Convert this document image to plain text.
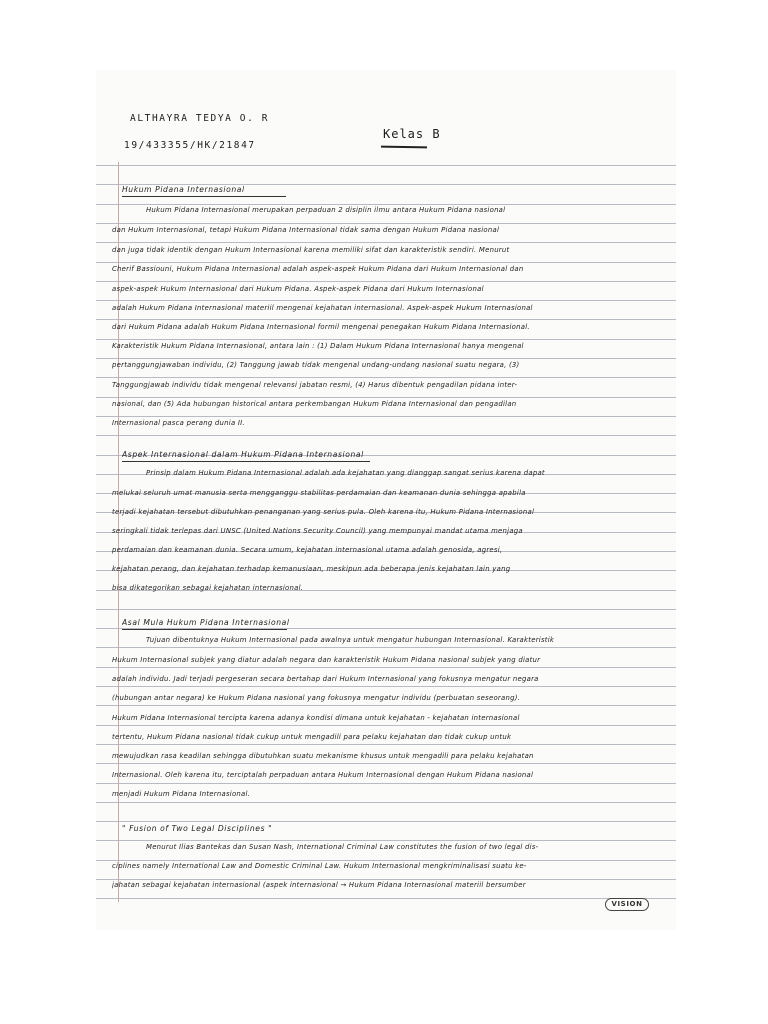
ALTHAYRA TEDYA O. R
19/433355/HK/21847
Kelas B
Hukum Pidana Internasional
Hukum Pidana Internasional merupakan perpaduan 2 disiplin ilmu antara Hukum Pidana nasional
dan Hukum Internasional, tetapi Hukum Pidana Internasional tidak sama dengan Hukum Pidana nasional
dan juga tidak identik dengan Hukum Internasional karena memiliki sifat dan karakteristik sendiri. Menurut
Cherif Bassiouni, Hukum Pidana Internasional adalah aspek-aspek Hukum Pidana dari Hukum Internasional dan
aspek-aspek Hukum Internasional dari Hukum Pidana. Aspek-aspek Pidana dari Hukum Internasional
adalah Hukum Pidana Internasional materiil mengenai kejahatan internasional. Aspek-aspek Hukum Internasional
dari Hukum Pidana adalah Hukum Pidana Internasional formil mengenai penegakan Hukum Pidana Internasional.
Karakteristik Hukum Pidana Internasional, antara lain : (1) Dalam Hukum Pidana Internasional hanya mengenal
pertanggungjawaban individu, (2) Tanggung jawab tidak mengenal undang-undang nasional suatu negara, (3)
Tanggungjawab individu tidak mengenal relevansi jabatan resmi, (4) Harus dibentuk pengadilan pidana inter-
nasional, dan (5) Ada hubungan historical antara perkembangan Hukum Pidana Internasional dan pengadilan
Internasional pasca perang dunia II.
Aspek Internasional dalam Hukum Pidana Internasional
Prinsip dalam Hukum Pidana Internasional adalah ada kejahatan yang dianggap sangat serius karena dapat
melukai seluruh umat manusia serta mengganggu stabilitas perdamaian dan keamanan dunia sehingga apabila
terjadi kejahatan tersebut dibutuhkan penanganan yang serius pula. Oleh karena itu, Hukum Pidana Internasional
seringkali tidak terlepas dari UNSC (United Nations Security Council) yang mempunyai mandat utama menjaga
perdamaian dan keamanan dunia. Secara umum, kejahatan internasional utama adalah genosida, agresi,
kejahatan perang, dan kejahatan terhadap kemanusiaan, meskipun ada beberapa jenis kejahatan lain yang
bisa dikategorikan sebagai kejahatan internasional.
Asal Mula Hukum Pidana Internasional
Tujuan dibentuknya Hukum Internasional pada awalnya untuk mengatur hubungan Internasional. Karakteristik
Hukum Internasional subjek yang diatur adalah negara dan karakteristik Hukum Pidana nasional subjek yang diatur
adalah individu. Jadi terjadi pergeseran secara bertahap dari Hukum Internasional yang fokusnya mengatur negara
(hubungan antar negara) ke Hukum Pidana nasional yang fokusnya mengatur individu (perbuatan seseorang).
Hukum Pidana Internasional tercipta karena adanya kondisi dimana untuk kejahatan - kejahatan internasional
tertentu, Hukum Pidana nasional tidak cukup untuk mengadili para pelaku kejahatan dan tidak cukup untuk
mewujudkan rasa keadilan sehingga dibutuhkan suatu mekanisme khusus untuk mengadili para pelaku kejahatan
Internasional. Oleh karena itu, terciptalah perpaduan antara Hukum Internasional dengan Hukum Pidana nasional
menjadi Hukum Pidana Internasional.
" Fusion of Two Legal Disciplines "
Menurut Ilias Bantekas dan Susan Nash, International Criminal Law constitutes the fusion of two legal dis-
ciplines namely International Law and Domestic Criminal Law. Hukum Internasional mengkriminalisasi suatu ke-
jahatan sebagai kejahatan internasional (aspek internasional → Hukum Pidana Internasional materiil bersumber
VISION
